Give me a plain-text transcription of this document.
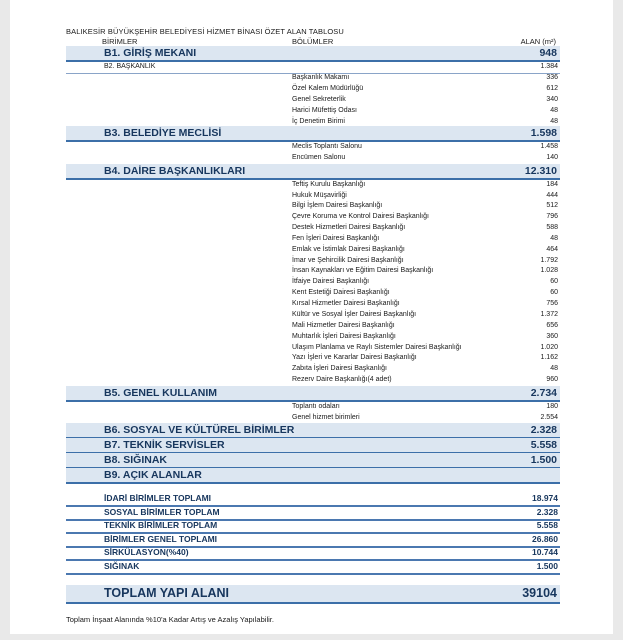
BALIKESİR BÜYÜKŞEHİR BELEDİYESİ HİZMET BİNASI ÖZET ALAN TABLOSU
BİRİMLER	BÖLÜMLER	ALAN (m²)
B1. GİRİŞ MEKANI	948
B2. BAŞKANLIK	1.384
Başkanlık Makamı	336
Özel Kalem Müdürlüğü	612
Genel Sekreterlik	340
Harici Müfettiş Odası	48
İç Denetim Birimi	48
B3. BELEDİYE MECLİSİ	1.598
Meclis Toplantı Salonu	1.458
Encümen Salonu	140
B4. DAİRE BAŞKANLIKLARI	12.310
Teftiş Kurulu Başkanlığı	184
Hukuk Müşavirliği	444
Bilgi İşlem Dairesi Başkanlığı	512
Çevre Koruma ve Kontrol Dairesi Başkanlığı	796
Destek Hizmetleri Dairesi Başkanlığı	588
Fen İşleri Dairesi Başkanlığı	48
Emlak ve İstimlak Dairesi Başkanlığı	464
İmar ve Şehircilik Dairesi Başkanlığı	1.792
İnsan Kaynakları ve Eğitim Dairesi Başkanlığı	1.028
İtfaiye Dairesi Başkanlığı	60
Kent Estetiği Dairesi Başkanlığı	60
Kırsal Hizmetler Dairesi Başkanlığı	756
Kültür ve Sosyal İşler Dairesi Başkanlığı	1.372
Mali Hizmetler Dairesi Başkanlığı	656
Muhtarlık İşleri Dairesi Başkanlığı	360
Ulaşım Planlama ve Raylı Sistemler Dairesi Başkanlığı	1.020
Yazı İşleri ve Kararlar Dairesi Başkanlığı	1.162
Zabıta İşleri Dairesi Başkanlığı	48
Rezerv Daire Başkanlığı(4 adet)	960
B5. GENEL KULLANIM	2.734
Toplantı odaları	180
Genel hizmet birimleri	2.554
B6. SOSYAL VE KÜLTÜREL BİRİMLER	2.328
B7. TEKNİK SERVİSLER	5.558
B8. SIĞINAK	1.500
B9. AÇIK ALANLAR
İDARİ BİRİMLER TOPLAMI	18.974
SOSYAL BİRİMLER TOPLAM	2.328
TEKNİK BİRİMLER TOPLAM	5.558
BİRİMLER GENEL TOPLAMI	26.860
SİRKÜLASYON(%40)	10.744
SIĞINAK	1.500
TOPLAM YAPI ALANI	39104
Toplam İnşaat Alanında %10'a Kadar Artış ve Azalış Yapılabilir.
